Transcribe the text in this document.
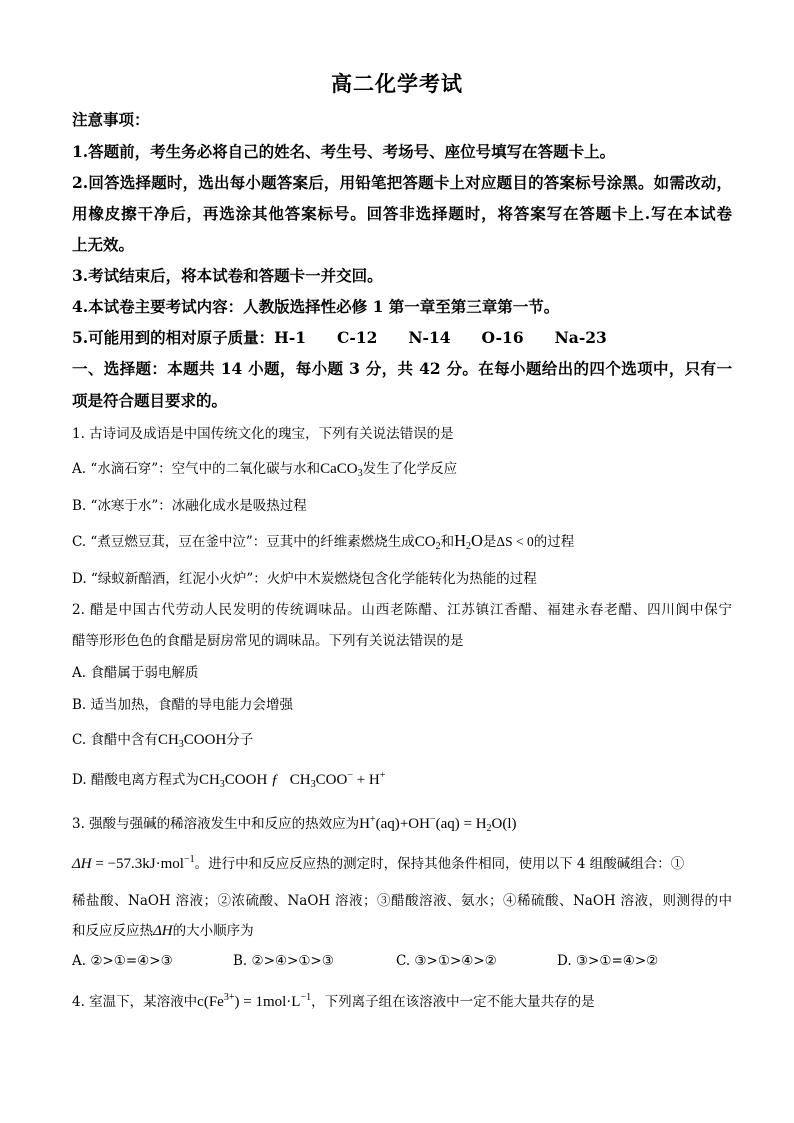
高二化学考试
注意事项：
1.答题前，考生务必将自己的姓名、考生号、考场号、座位号填写在答题卡上。
2.回答选择题时，选出每小题答案后，用铅笔把答题卡上对应题目的答案标号涂黑。如需改动，
用橡皮擦干净后，再选涂其他答案标号。回答非选择题时，将答案写在答题卡上.写在本试卷
上无效。
3.考试结束后，将本试卷和答题卡一并交回。
4.本试卷主要考试内容：人教版选择性必修 1 第一章至第三章第一节。
5.可能用到的相对原子质量：H-1　　C-12　　N-14　　O-16　　Na-23
一、选择题：本题共 14 小题，每小题 3 分，共 42 分。在每小题给出的四个选项中，只有一
项是符合题目要求的。
1. 古诗词及成语是中国传统文化的瑰宝，下列有关说法错误的是
A. “水滴石穿”：空气中的二氧化碳与水和CaCO$_3$发生了化学反应
B. “冰寒于水”：冰融化成水是吸热过程
C. “煮豆燃豆萁，豆在釜中泣”：豆萁中的纤维素燃烧生成$CO_2$和$H_2O$是ΔS < 0的过程
D. “绿蚁新醅酒，红泥小火炉”：火炉中木炭燃烧包含化学能转化为热能的过程
2. 醋是中国古代劳动人民发明的传统调味品。山西老陈醋、江苏镇江香醋、福建永春老醋、四川阆中保宁
醋等形形色色的食醋是厨房常见的调味品。下列有关说法错误的是
A. 食醋属于弱电解质
B. 适当加热，食醋的导电能力会增强
C. 食醋中含有$CH_3COOH$分子
D. 醋酸电离方程式为$CH_3COOH$ ƒ $CH_3COO^- + H^+$
3. 强酸与强碱的稀溶液发生中和反应的热效应为$H^+(aq)+OH^-(aq) = H_2O(l)$
ΔH = −57.3kJ·mol$^{-1}$。进行中和反应反应热的测定时，保持其他条件相同，使用以下 4 组酸碱组合：①
稀盐酸、NaOH 溶液；②浓硫酸、NaOH 溶液；③醋酸溶液、氨水；④稀硫酸、NaOH 溶液，则测得的中
和反应反应热ΔH的大小顺序为
A. ②>①=④>③	B. ②>④>①>③	C. ③>①>④>②	D. ③>①=④>②
4. 室温下，某溶液中$c(Fe^{3+}) = 1mol\cdot L^{-1}$，下列离子组在该溶液中一定不能大量共存的是
